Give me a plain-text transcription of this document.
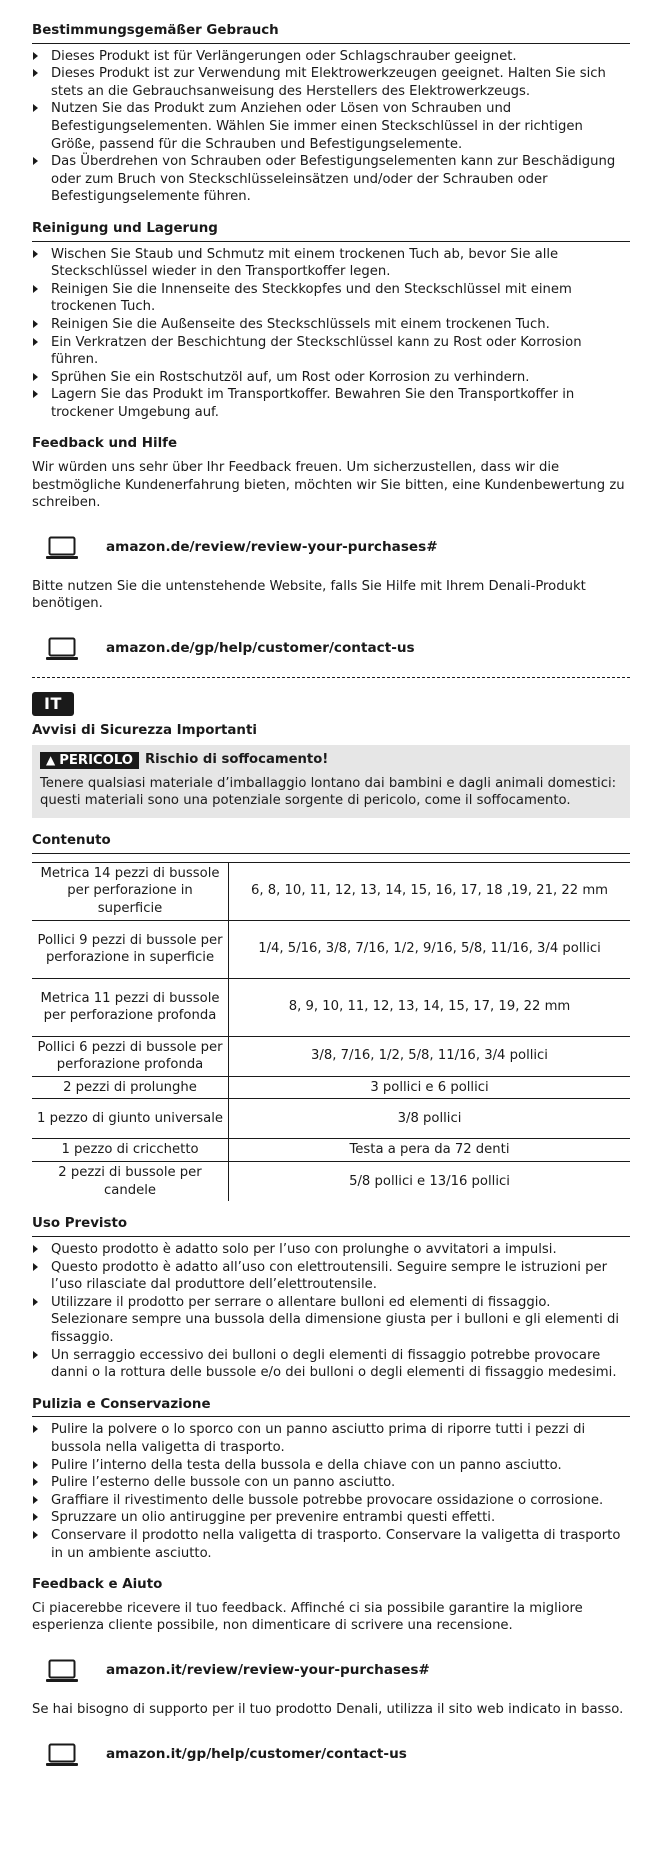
Bestimmungsgemäßer Gebrauch
Dieses Produkt ist für Verlängerungen oder Schlagschrauber geeignet.
Dieses Produkt ist zur Verwendung mit Elektrowerkzeugen geeignet. Halten Sie sich stets an die Gebrauchsanweisung des Herstellers des Elektrowerkzeugs.
Nutzen Sie das Produkt zum Anziehen oder Lösen von Schrauben und Befestigungselementen. Wählen Sie immer einen Steckschlüssel in der richtigen Größe, passend für die Schrauben und Befestigungselemente.
Das Überdrehen von Schrauben oder Befestigungselementen kann zur Beschädigung oder zum Bruch von Steckschlüsseleinsätzen und/oder der Schrauben oder Befestigungselemente führen.
Reinigung und Lagerung
Wischen Sie Staub und Schmutz mit einem trockenen Tuch ab, bevor Sie alle Steckschlüssel wieder in den Transportkoffer legen.
Reinigen Sie die Innenseite des Steckkopfes und den Steckschlüssel mit einem trockenen Tuch.
Reinigen Sie die Außenseite des Steckschlüssels mit einem trockenen Tuch.
Ein Verkratzen der Beschichtung der Steckschlüssel kann zu Rost oder Korrosion führen.
Sprühen Sie ein Rostschutzöl auf, um Rost oder Korrosion zu verhindern.
Lagern Sie das Produkt im Transportkoffer. Bewahren Sie den Transportkoffer in trockener Umgebung auf.
Feedback und Hilfe
Wir würden uns sehr über Ihr Feedback freuen. Um sicherzustellen, dass wir die bestmögliche Kundenerfahrung bieten, möchten wir Sie bitten, eine Kundenbewertung zu schreiben.
amazon.de/review/review-your-purchases#
Bitte nutzen Sie die untenstehende Website, falls Sie Hilfe mit Ihrem Denali-Produkt benötigen.
amazon.de/gp/help/customer/contact-us
IT
Avvisi di Sicurezza Importanti
▲ PERICOLO Rischio di soffocamento!
Tenere qualsiasi materiale d’imballaggio lontano dai bambini e dagli animali domestici: questi materiali sono una potenziale sorgente di pericolo, come il soffocamento.
Contenuto
Metrica 14 pezzi di bussole per perforazione in superficie	6, 8, 10, 11, 12, 13, 14, 15, 16, 17, 18 ,19, 21, 22 mm
Pollici 9 pezzi di bussole per perforazione in superficie	1/4, 5/16, 3/8, 7/16, 1/2, 9/16, 5/8, 11/16, 3/4 pollici
Metrica 11 pezzi di bussole per perforazione profonda	8, 9, 10, 11, 12, 13, 14, 15, 17, 19, 22 mm
Pollici 6 pezzi di bussole per perforazione profonda	3/8, 7/16, 1/2, 5/8, 11/16, 3/4 pollici
2 pezzi di prolunghe	3 pollici e 6 pollici
1 pezzo di giunto universale	3/8 pollici
1 pezzo di cricchetto	Testa a pera da 72 denti
2 pezzi di bussole per candele	5/8 pollici e 13/16 pollici
Uso Previsto
Questo prodotto è adatto solo per l’uso con prolunghe o avvitatori a impulsi.
Questo prodotto è adatto all’uso con elettroutensili. Seguire sempre le istruzioni per l’uso rilasciate dal produttore dell’elettroutensile.
Utilizzare il prodotto per serrare o allentare bulloni ed elementi di fissaggio. Selezionare sempre una bussola della dimensione giusta per i bulloni e gli elementi di fissaggio.
Un serraggio eccessivo dei bulloni o degli elementi di fissaggio potrebbe provocare danni o la rottura delle bussole e/o dei bulloni o degli elementi di fissaggio medesimi.
Pulizia e Conservazione
Pulire la polvere o lo sporco con un panno asciutto prima di riporre tutti i pezzi di bussola nella valigetta di trasporto.
Pulire l’interno della testa della bussola e della chiave con un panno asciutto.
Pulire l’esterno delle bussole con un panno asciutto.
Graffiare il rivestimento delle bussole potrebbe provocare ossidazione o corrosione.
Spruzzare un olio antiruggine per prevenire entrambi questi effetti.
Conservare il prodotto nella valigetta di trasporto. Conservare la valigetta di trasporto in un ambiente asciutto.
Feedback e Aiuto
Ci piacerebbe ricevere il tuo feedback. Affinché ci sia possibile garantire la migliore esperienza cliente possibile, non dimenticare di scrivere una recensione.
amazon.it/review/review-your-purchases#
Se hai bisogno di supporto per il tuo prodotto Denali, utilizza il sito web indicato in basso.
amazon.it/gp/help/customer/contact-us
